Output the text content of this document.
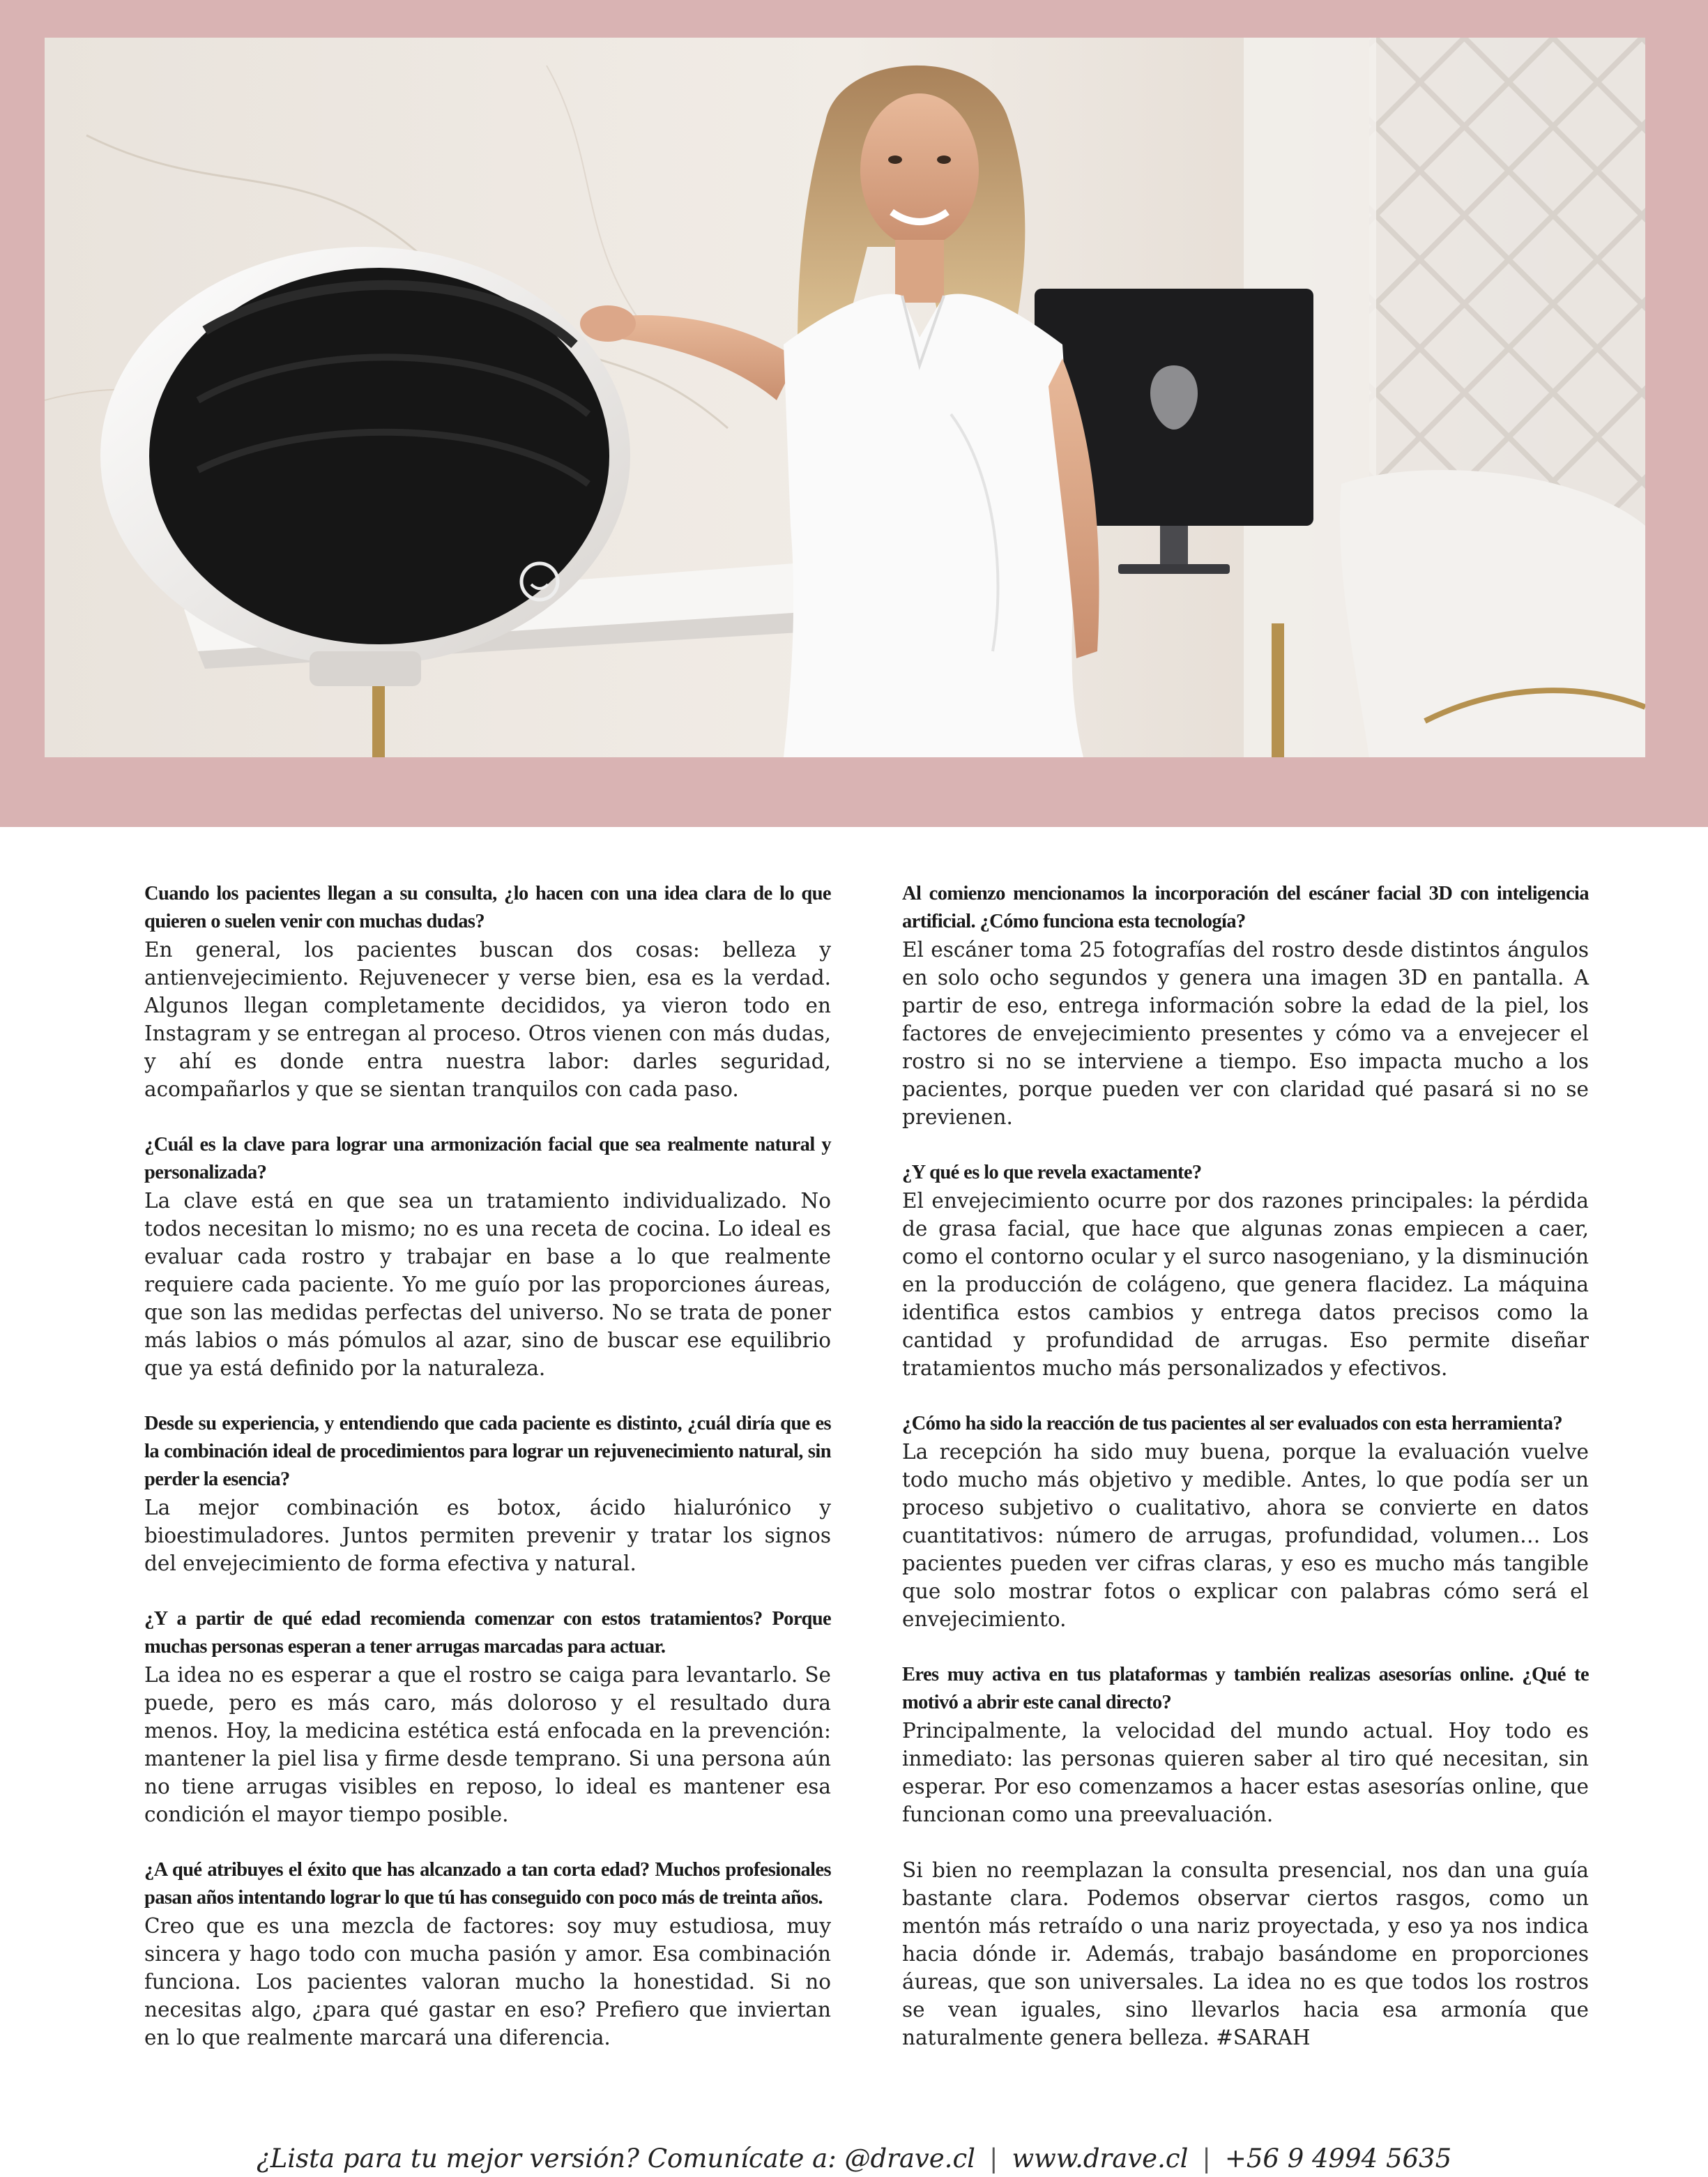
Cuando los pacientes llegan a su consulta, ¿lo hacen con una idea clara de lo que quieren o suelen venir con muchas dudas?

En general, los pacientes buscan dos cosas: belleza y antienvejecimiento. Rejuvenecer y verse bien, esa es la verdad. Algunos llegan completamente decididos, ya vieron todo en Instagram y se entregan al proceso. Otros vienen con más dudas, y ahí es donde entra nuestra labor: darles seguridad, acompañarlos y que se sientan tranquilos con cada paso.

¿Cuál es la clave para lograr una armonización facial que sea realmente natural y personalizada?

La clave está en que sea un tratamiento individualizado. No todos necesitan lo mismo; no es una receta de cocina. Lo ideal es evaluar cada rostro y trabajar en base a lo que realmente requiere cada paciente. Yo me guío por las proporciones áureas, que son las medidas perfectas del universo. No se trata de poner más labios o más pómulos al azar, sino de buscar ese equilibrio que ya está definido por la naturaleza.

Desde su experiencia, y entendiendo que cada paciente es distinto, ¿cuál diría que es la combinación ideal de procedimientos para lograr un rejuvenecimiento natural, sin perder la esencia?

La mejor combinación es botox, ácido hialurónico y bioestimuladores. Juntos permiten prevenir y tratar los signos del envejecimiento de forma efectiva y natural.

¿Y a partir de qué edad recomienda comenzar con estos tratamientos? Porque muchas personas esperan a tener arrugas marcadas para actuar.

La idea no es esperar a que el rostro se caiga para levantarlo. Se puede, pero es más caro, más doloroso y el resultado dura menos. Hoy, la medicina estética está enfocada en la prevención: mantener la piel lisa y firme desde temprano. Si una persona aún no tiene arrugas visibles en reposo, lo ideal es mantener esa condición el mayor tiempo posible.

¿A qué atribuyes el éxito que has alcanzado a tan corta edad? Muchos profesionales pasan años intentando lograr lo que tú has conseguido con poco más de treinta años.

Creo que es una mezcla de factores: soy muy estudiosa, muy sincera y hago todo con mucha pasión y amor. Esa combinación funciona. Los pacientes valoran mucho la honestidad. Si no necesitas algo, ¿para qué gastar en eso? Prefiero que inviertan en lo que realmente marcará una diferencia.

Al comienzo mencionamos la incorporación del escáner facial 3D con inteligencia artificial. ¿Cómo funciona esta tecnología?

El escáner toma 25 fotografías del rostro desde distintos ángulos en solo ocho segundos y genera una imagen 3D en pantalla. A partir de eso, entrega información sobre la edad de la piel, los factores de envejecimiento presentes y cómo va a envejecer el rostro si no se interviene a tiempo. Eso impacta mucho a los pacientes, porque pueden ver con claridad qué pasará si no se previenen.

¿Y qué es lo que revela exactamente?

El envejecimiento ocurre por dos razones principales: la pérdida de grasa facial, que hace que algunas zonas empiecen a caer, como el contorno ocular y el surco nasogeniano, y la disminución en la producción de colágeno, que genera flacidez. La máquina identifica estos cambios y entrega datos precisos como la cantidad y profundidad de arrugas. Eso permite diseñar tratamientos mucho más personalizados y efectivos.

¿Cómo ha sido la reacción de tus pacientes al ser evaluados con esta herramienta?

La recepción ha sido muy buena, porque la evaluación vuelve todo mucho más objetivo y medible. Antes, lo que podía ser un proceso subjetivo o cualitativo, ahora se convierte en datos cuantitativos: número de arrugas, profundidad, volumen… Los pacientes pueden ver cifras claras, y eso es mucho más tangible que solo mostrar fotos o explicar con palabras cómo será el envejecimiento.

Eres muy activa en tus plataformas y también realizas asesorías online. ¿Qué te motivó a abrir este canal directo?

Principalmente, la velocidad del mundo actual. Hoy todo es inmediato: las personas quieren saber al tiro qué necesitan, sin esperar. Por eso comenzamos a hacer estas asesorías online, que funcionan como una preevaluación.

Si bien no reemplazan la consulta presencial, nos dan una guía bastante clara. Podemos observar ciertos rasgos, como un mentón más retraído o una nariz proyectada, y eso ya nos indica hacia dónde ir. Además, trabajo basándome en proporciones áureas, que son universales. La idea no es que todos los rostros se vean iguales, sino llevarlos hacia esa armonía que naturalmente genera belleza. #SARAH

¿Lista para tu mejor versión? Comunícate a: @drave.cl | www.drave.cl | +56 9 4994 5635
